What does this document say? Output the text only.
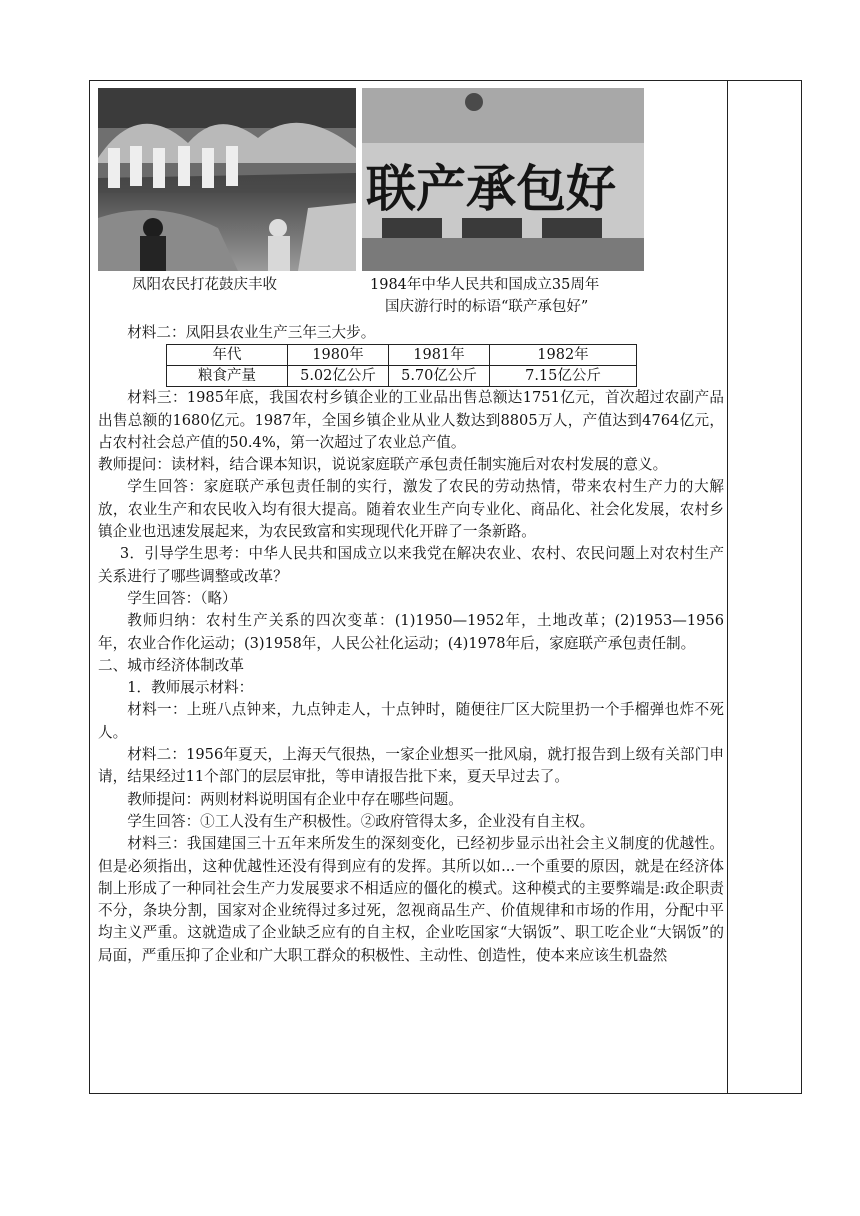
联产承包好
凤阳农民打花鼓庆丰收	1984年中华人民共和国成立35周年
国庆游行时的标语“联产承包好”

材料二：凤阳县农业生产三年三大步。

年代	1980年	1981年	1982年
粮食产量	5.02亿公斤	5.70亿公斤	7.15亿公斤

材料三：1985年底，我国农村乡镇企业的工业品出售总额达1751亿元，首次超过农副产品出售总额的1680亿元。1987年，全国乡镇企业从业人数达到8805万人，产值达到4764亿元，占农村社会总产值的50.4%，第一次超过了农业总产值。

教师提问：读材料，结合课本知识，说说家庭联产承包责任制实施后对农村发展的意义。

学生回答：家庭联产承包责任制的实行，激发了农民的劳动热情，带来农村生产力的大解放，农业生产和农民收入均有很大提高。随着农业生产向专业化、商品化、社会化发展，农村乡镇企业也迅速发展起来，为农民致富和实现现代化开辟了一条新路。

3．引导学生思考：中华人民共和国成立以来我党在解决农业、农村、农民问题上对农村生产关系进行了哪些调整或改革？

学生回答：（略）

教师归纳：农村生产关系的四次变革：(1)1950—1952年，土地改革；(2)1953—1956年，农业合作化运动；(3)1958年，人民公社化运动；(4)1978年后，家庭联产承包责任制。

二、城市经济体制改革

1．教师展示材料：

材料一：上班八点钟来，九点钟走人，十点钟时，随便往厂区大院里扔一个手榴弹也炸不死人。

材料二：1956年夏天，上海天气很热，一家企业想买一批风扇，就打报告到上级有关部门申请，结果经过11个部门的层层审批，等申请报告批下来，夏天早过去了。

教师提问：两则材料说明国有企业中存在哪些问题。

学生回答：①工人没有生产积极性。②政府管得太多，企业没有自主权。

材料三：我国建国三十五年来所发生的深刻变化，已经初步显示出社会主义制度的优越性。但是必须指出，这种优越性还没有得到应有的发挥。其所以如...一个重要的原因，就是在经济体制上形成了一种同社会生产力发展要求不相适应的僵化的模式。这种模式的主要弊端是:政企职责不分，条块分割，国家对企业统得过多过死，忽视商品生产、价值规律和市场的作用，分配中平均主义严重。这就造成了企业缺乏应有的自主权，企业吃国家“大锅饭”、职工吃企业“大锅饭”的局面，严重压抑了企业和广大职工群众的积极性、主动性、创造性，使本来应该生机盎然
